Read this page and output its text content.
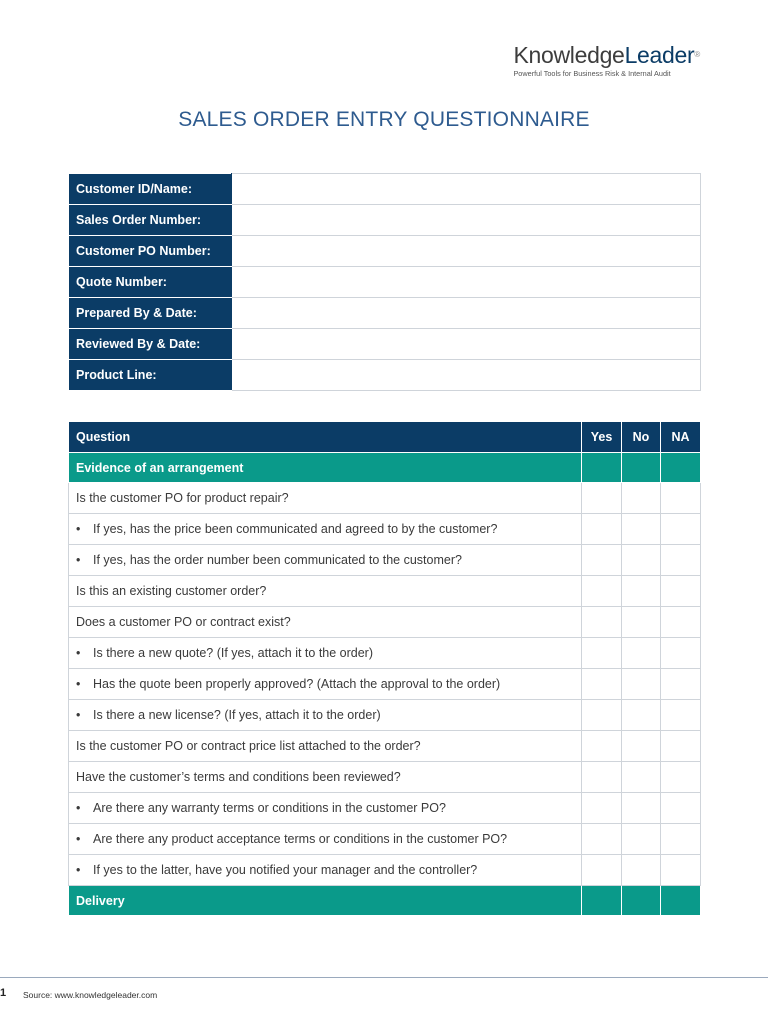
KnowledgeLeader®
Powerful Tools for Business Risk & Internal Audit
SALES ORDER ENTRY QUESTIONNAIRE
Customer ID/Name:	
Sales Order Number:	
Customer PO Number:	
Quote Number:	
Prepared By & Date:	
Reviewed By & Date:	
Product Line:	
Question	Yes	No	NA
Evidence of an arrangement			
Is the customer PO for product repair?			
• If yes, has the price been communicated and agreed to by the customer?			
• If yes, has the order number been communicated to the customer?			
Is this an existing customer order?			
Does a customer PO or contract exist?			
• Is there a new quote? (If yes, attach it to the order)			
• Has the quote been properly approved? (Attach the approval to the order)			
• Is there a new license? (If yes, attach it to the order)			
Is the customer PO or contract price list attached to the order?			
Have the customer’s terms and conditions been reviewed?			
• Are there any warranty terms or conditions in the customer PO?			
• Are there any product acceptance terms or conditions in the customer PO?			
• If yes to the latter, have you notified your manager and the controller?			
Delivery			
1 Source: www.knowledgeleader.com
